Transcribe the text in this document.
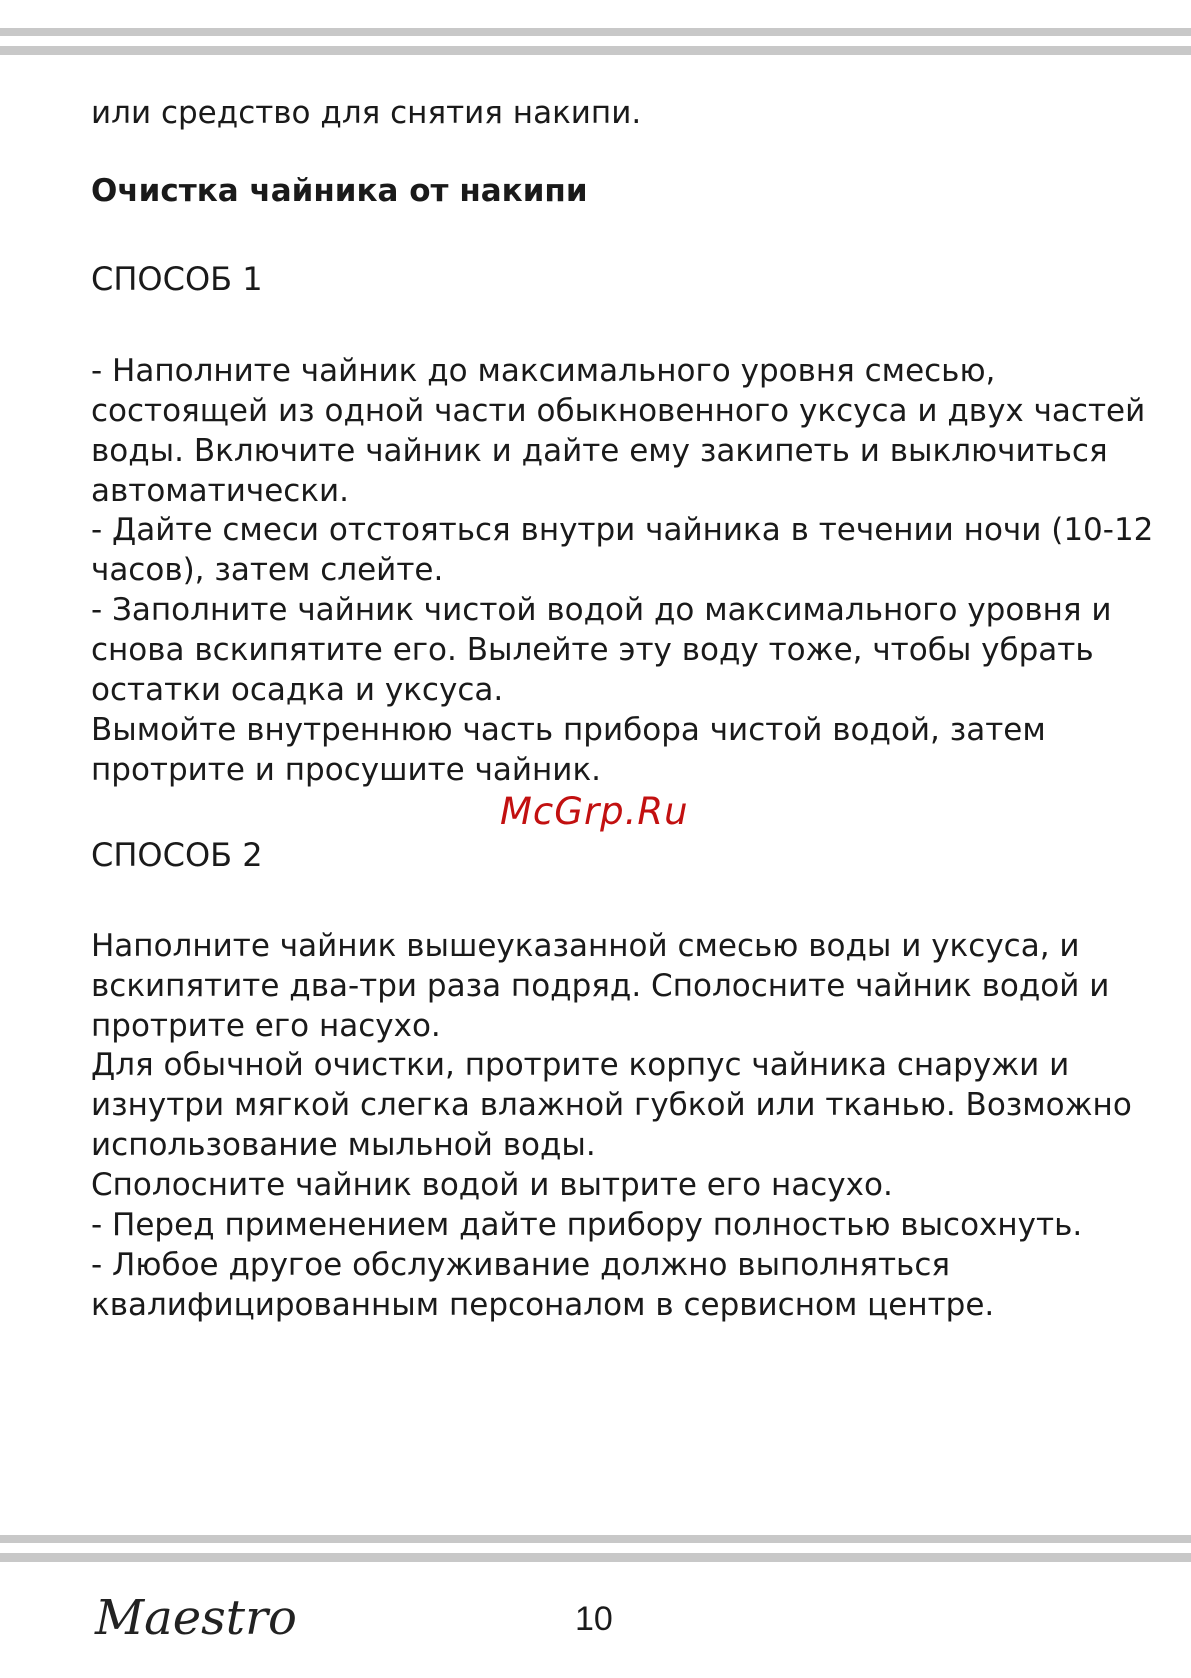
или средство для снятия накипи.
Очистка чайника от накипи
СПОСОБ 1
- Наполните чайник до максимального уровня смесью,
состоящей из одной части обыкновенного уксуса и двух частей
воды. Включите чайник и дайте ему закипеть и выключиться
автоматически.
- Дайте смеси отстояться внутри чайника в течении ночи (10-12
часов), затем слейте.
- Заполните чайник чистой водой до максимального уровня и
снова вскипятите его. Вылейте эту воду тоже, чтобы убрать
остатки осадка и уксуса.
Вымойте внутреннюю часть прибора чистой водой, затем
протрите и просушите чайник.
СПОСОБ 2
Наполните чайник вышеуказанной смесью воды и уксуса, и
вскипятите два-три раза подряд. Сполосните чайник водой и
протрите его насухо.
Для обычной очистки, протрите корпус чайника снаружи и
изнутри мягкой слегка влажной губкой или тканью. Возможно
использование мыльной воды.
Сполосните чайник водой и вытрите его насухо.
- Перед применением дайте прибору полностью высохнуть.
- Любое другое обслуживание должно выполняться
квалифицированным персоналом в сервисном центре.
McGrp.Ru
Maestro	10
